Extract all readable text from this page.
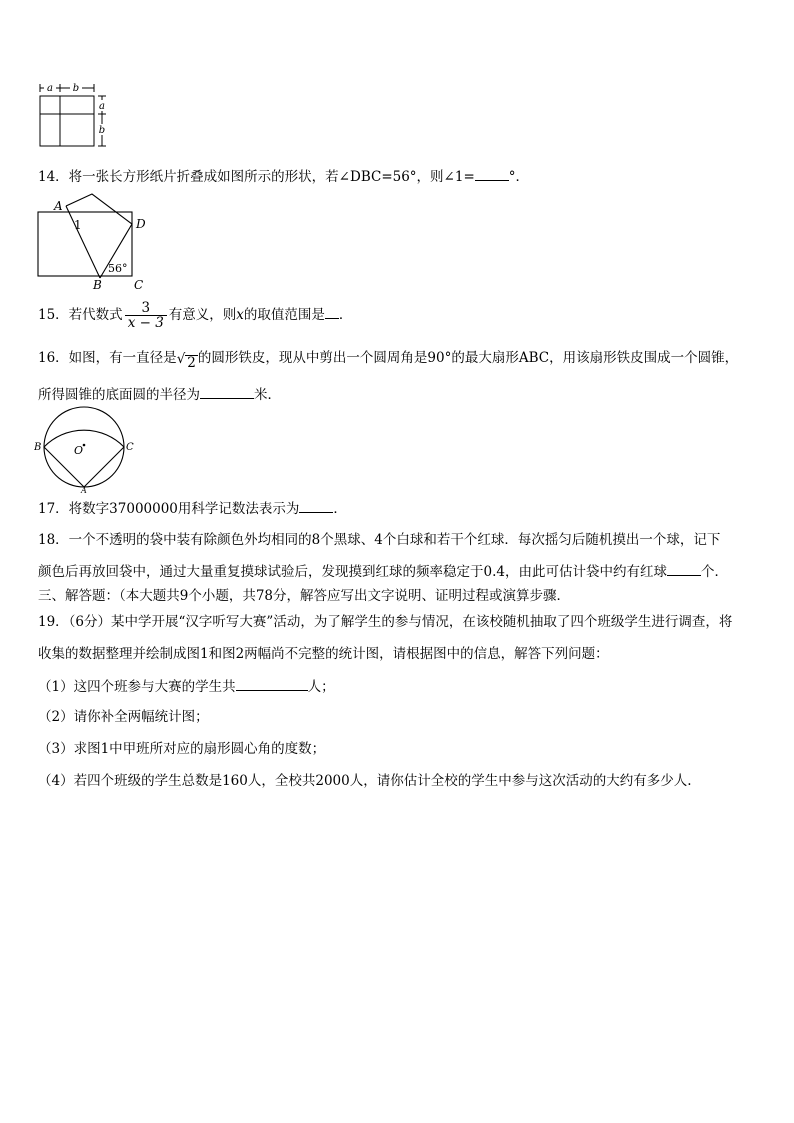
a b
a
b
14．将一张长方形纸片折叠成如图所示的形状，若∠DBC=56°，则∠1=	°．
A
1	D
B	C
56°
15．若代数式 $\frac{3}{x - 3}$ 有意义，则x的取值范围是 ．
16．如图，有一直径是 √ 2 的圆形铁皮，现从中剪出一个圆周角是90°的最大扇形ABC，用该扇形铁皮围成一个圆锥，
所得圆锥的底面圆的半径为	米．
B	C
O
A
17．将数字37000000用科学记数法表示为	．
18．一个不透明的袋中装有除颜色外均相同的8个黑球、4个白球和若干个红球．每次摇匀后随机摸出一个球，记下
颜色后再放回袋中，通过大量重复摸球试验后，发现摸到红球的频率稳定于0.4，由此可估计袋中约有红球	个．
三、解答题：（本大题共9个小题，共78分，解答应写出文字说明、证明过程或演算步骤．
19．（6分）某中学开展“汉字听写大赛”活动，为了解学生的参与情况，在该校随机抽取了四个班级学生进行调查，将
收集的数据整理并绘制成图1和图2两幅尚不完整的统计图，请根据图中的信息，解答下列问题：
（1）这四个班参与大赛的学生共	人；
（2）请你补全两幅统计图；
（3）求图1中甲班所对应的扇形圆心角的度数；
（4）若四个班级的学生总数是160人，全校共2000人，请你估计全校的学生中参与这次活动的大约有多少人.
